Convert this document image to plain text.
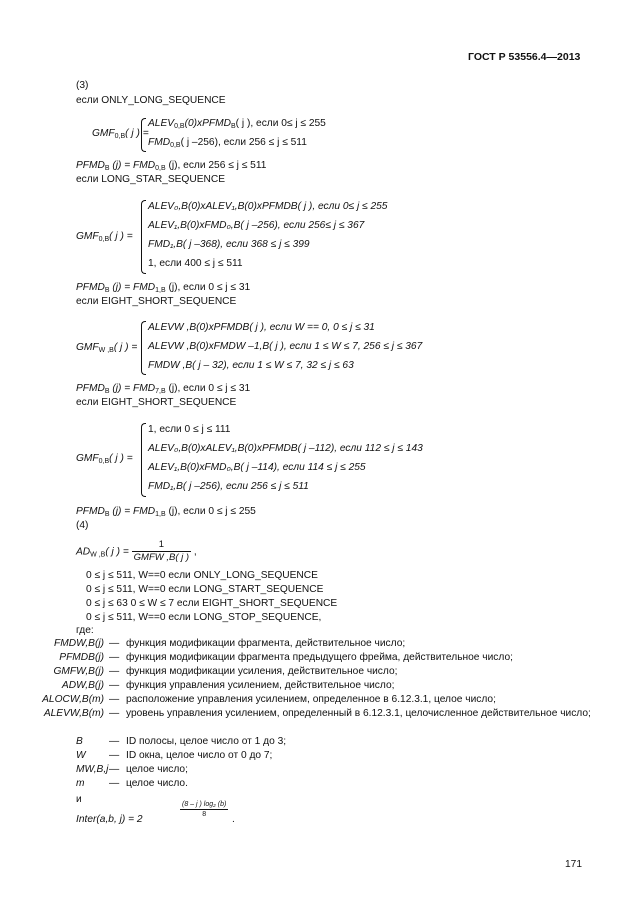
ГОСТ Р 53556.4—2013
(3)
если ONLY_LONG_SEQUENCE
$GMF_{0,B}$( j ) =
$ALEV_{0,B}(0)xPFMD_B$( j ), если 0≤ j ≤ 255
$FMD_{0,B}$( j –256), если 256 ≤ j ≤ 511
$PFMD_B$ $(j) = FMD_{0,B}$ (j), если 256 ≤ j ≤ 511
если LONG_STAR_SEQUENCE
$GMF_{0,B}$( j ) =
ALEV₀,B(0)xALEV₁,B(0)xPFMDB( j ), если 0≤ j ≤ 255
ALEV₁,B(0)xFMD₀,B( j –256), если 256≤ j ≤ 367
FMD₁,B( j –368), если 368 ≤ j ≤ 399
1, если 400 ≤ j ≤ 511
$PFMD_B$ $(j) = FMD_{1,B}$ (j), если 0 ≤ j ≤ 31
если EIGHT_SHORT_SEQUENCE
$GMF_{W ,B}$( j ) =
ALEVW ,B(0)xPFMDB( j ), если W == 0, 0 ≤ j ≤ 31
ALEVW ,B(0)xFMDW –1,B( j ), если 1 ≤ W ≤ 7, 256 ≤ j ≤ 367
FMDW ,B( j – 32), если 1 ≤ W ≤ 7, 32 ≤ j ≤ 63
$PFMD_B$ $(j) = FMD_{7,B}$ (j), если 0 ≤ j ≤ 31
если EIGHT_SHORT_SEQUENCE
$GMF_{0,B}$( j ) =
1, если 0 ≤ j ≤ 111
ALEV₀,B(0)xALEV₁,B(0)xPFMDB( j –112), если 112 ≤ j ≤ 143
ALEV₁,B(0)xFMD₀,B( j –114), если 114 ≤ j ≤ 255
FMD₁,B( j –256), если 256 ≤ j ≤ 511
$PFMD_B$ $(j) = FMD_{1,B}$ (j), если 0 ≤ j ≤ 255
(4)
$AD_{W ,B}$( j ) = $\frac{1}{\text{GMFW ,B( j )}}$ ,
0 ≤ j ≤ 511, W==0 если ONLY_LONG_SEQUENCE
0 ≤ j ≤ 511, W==0 если LONG_START_SEQUENCE
0 ≤ j ≤ 63 0 ≤ W ≤ 7 если EIGHT_SHORT_SEQUENCE
0 ≤ j ≤ 511, W==0 если LONG_STOP_SEQUENCE,
где:
FMDW,B(j) — функция модификации фрагмента, действительное число;
PFMDB(j) — функция модификации фрагмента предыдущего фрейма, действительное число;
GMFW,B(j) — функция модификации усиления, действительное число;
ADW,B(j) — функция управления усилением, действительное число;
ALOCW,B(m) — расположение управления усилением, определенное в 6.12.3.1, целое число;
ALEVW,B(m) — уровень управления усилением, определенный в 6.12.3.1, целочисленное действительное число;
B	— ID полосы, целое число от 1 до 3;
W	— ID окна, целое число от 0 до 7;
MW,B,j — целое число;
m	— целое число.
и
Inter(a,b, j) = 2
$\frac{\text{(8 – j ) log₂ (b)}}{8}$
.
171
